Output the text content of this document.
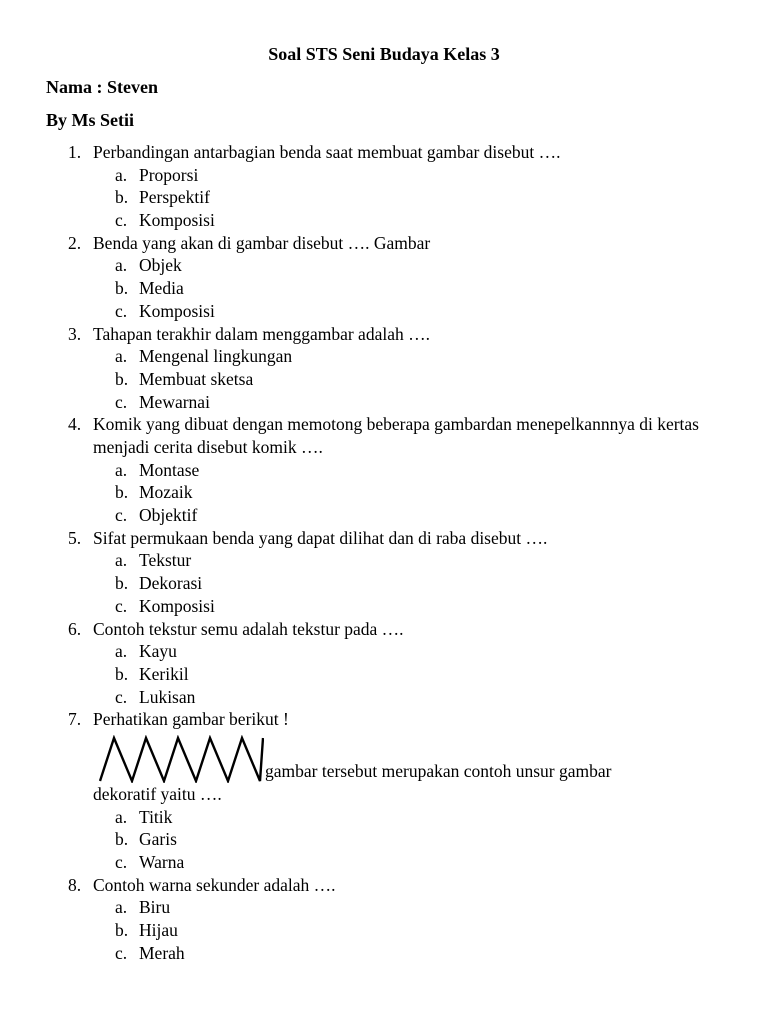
Soal STS Seni Budaya Kelas 3
Nama : Steven
By Ms Setii
1. Perbandingan antarbagian benda saat membuat gambar disebut ….
a. Proporsi
b. Perspektif
c. Komposisi
2. Benda yang akan di gambar disebut …. Gambar
a. Objek
b. Media
c. Komposisi
3. Tahapan terakhir dalam menggambar adalah ….
a. Mengenal lingkungan
b. Membuat sketsa
c. Mewarnai
4. Komik yang dibuat dengan memotong beberapa gambardan menepelkannnya di kertas menjadi cerita disebut komik ….
a. Montase
b. Mozaik
c. Objektif
5. Sifat permukaan benda yang dapat dilihat dan di raba disebut ….
a. Tekstur
b. Dekorasi
c. Komposisi
6. Contoh tekstur semu adalah tekstur pada ….
a. Kayu
b. Kerikil
c. Lukisan
7. Perhatikan gambar berikut !
gambar tersebut merupakan contoh unsur gambar
dekoratif yaitu ….
a. Titik
b. Garis
c. Warna
8. Contoh warna sekunder adalah ….
a. Biru
b. Hijau
c. Merah
